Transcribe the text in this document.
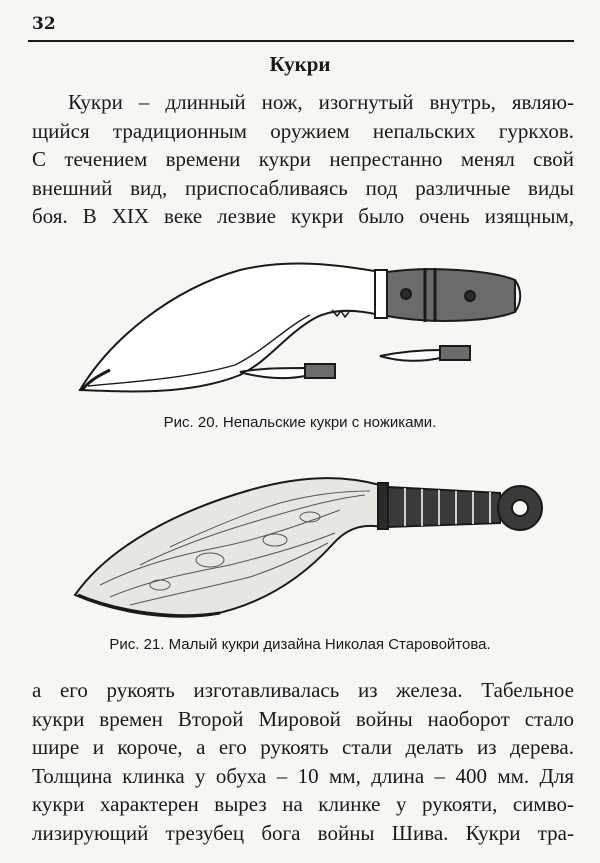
32
Кукри
Кукри – длинный нож, изогнутый внутрь, являю-
щийся традиционным оружием непальских гуркхов.
С течением времени кукри непрестанно менял свой
внешний вид, приспосабливаясь под различные виды
боя. В XIX веке лезвие кукри было очень изящным,
Рис. 20. Непальские кукри с ножиками.
Рис. 21. Малый кукри дизайна Николая Старовойтова.
а его рукоять изготавливалась из железа. Табельное
кукри времен Второй Мировой войны наоборот стало
шире и короче, а его рукоять стали делать из дерева.
Толщина клинка у обуха – 10 мм, длина – 400 мм. Для
кукри характерен вырез на клинке у рукояти, симво-
лизирующий трезубец бога войны Шива. Кукри тра-
